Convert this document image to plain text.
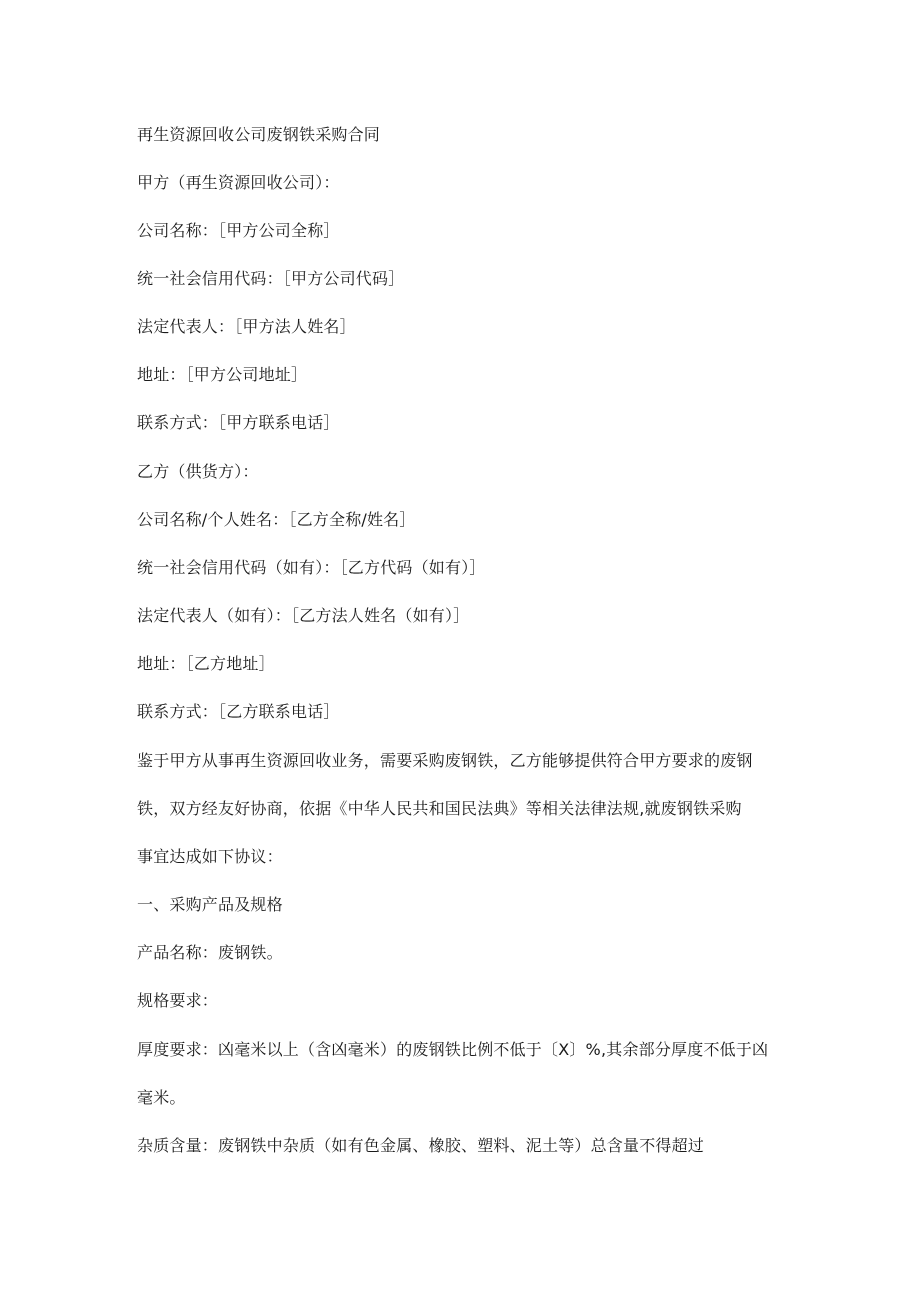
再生资源回收公司废钢铁采购合同
甲方（再生资源回收公司）：
公司名称：［甲方公司全称］
统一社会信用代码：［甲方公司代码］
法定代表人：［甲方法人姓名］
地址：［甲方公司地址］
联系方式：［甲方联系电话］
乙方（供货方）：
公司名称/个人姓名：［乙方全称/姓名］
统一社会信用代码（如有）：［乙方代码（如有）］
法定代表人（如有）：［乙方法人姓名（如有）］
地址：［乙方地址］
联系方式：［乙方联系电话］
鉴于甲方从事再生资源回收业务，需要采购废钢铁，乙方能够提供符合甲方要求的废钢
铁，双方经友好协商，依据《中华人民共和国民法典》等相关法律法规,就废钢铁采购
事宜达成如下协议：
一、采购产品及规格
产品名称：废钢铁。
规格要求：
厚度要求：凶毫米以上（含凶毫米）的废钢铁比例不低于〔X〕%,其余部分厚度不低于凶
毫米。
杂质含量：废钢铁中杂质（如有色金属、橡胶、塑料、泥土等）总含量不得超过
